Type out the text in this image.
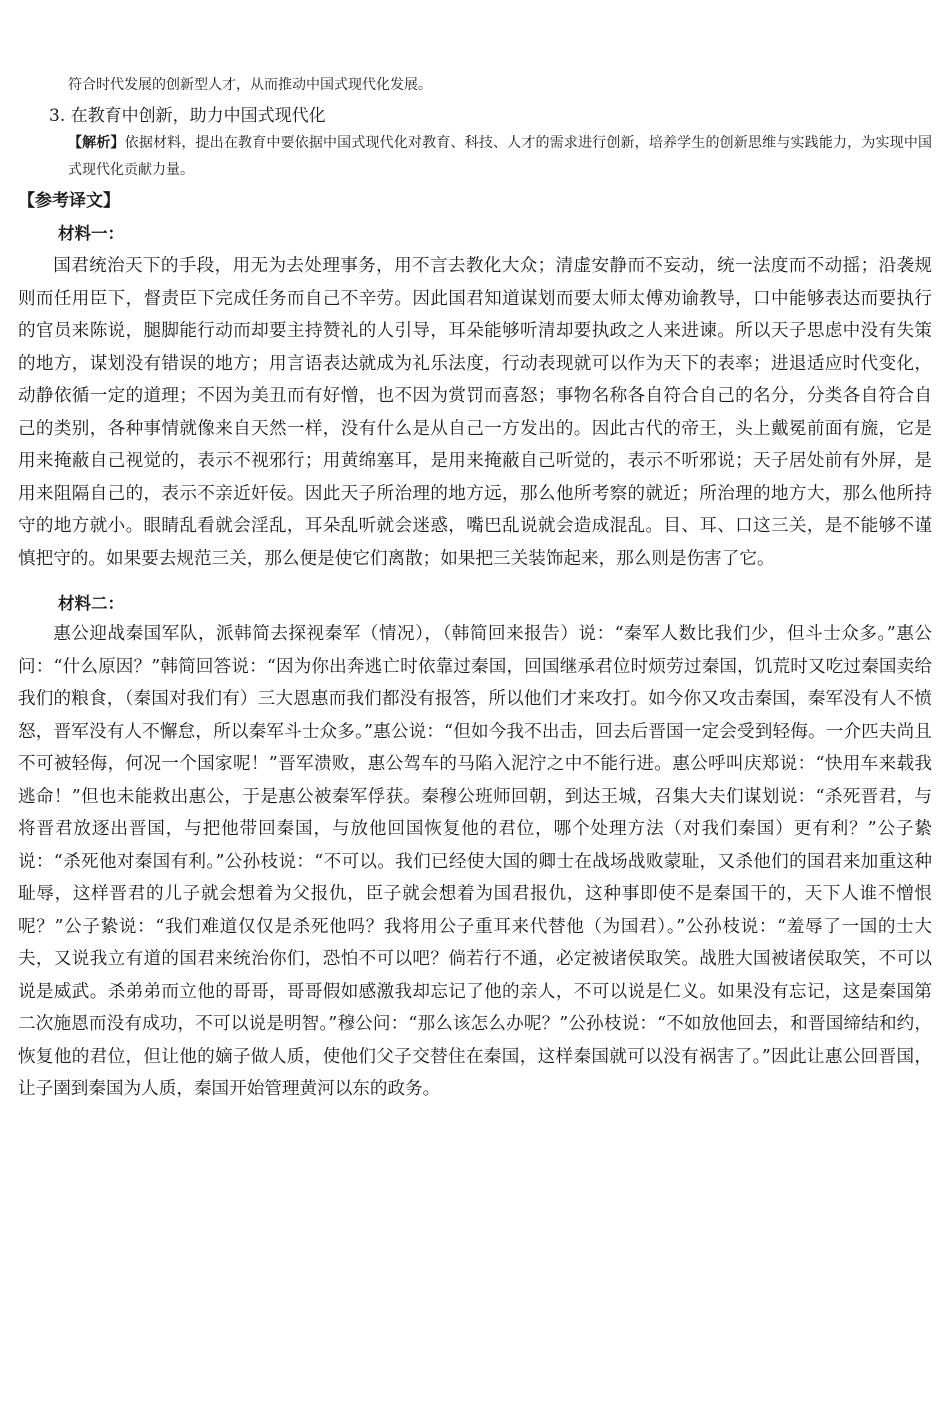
符合时代发展的创新型人才，从而推动中国式现代化发展。
3. 在教育中创新，助力中国式现代化
【解析】依据材料，提出在教育中要依据中国式现代化对教育、科技、人才的需求进行创新，培养学生的创新思维与实践能力，为实现中国式现代化贡献力量。
【参考译文】
材料一：
国君统治天下的手段，用无为去处理事务，用不言去教化大众；清虚安静而不妄动，统一法度而不动摇；沿袭规则而任用臣下，督责臣下完成任务而自己不辛劳。因此国君知道谋划而要太师太傅劝谕教导，口中能够表达而要执行的官员来陈说，腿脚能行动而却要主持赞礼的人引导，耳朵能够听清却要执政之人来进谏。所以天子思虑中没有失策的地方，谋划没有错误的地方；用言语表达就成为礼乐法度，行动表现就可以作为天下的表率；进退适应时代变化，动静依循一定的道理；不因为美丑而有好憎，也不因为赏罚而喜怒；事物名称各自符合自己的名分，分类各自符合自己的类别，各种事情就像来自天然一样，没有什么是从自己一方发出的。因此古代的帝王，头上戴冕前面有旒，它是用来掩蔽自己视觉的，表示不视邪行；用黄绵塞耳，是用来掩蔽自己听觉的，表示不听邪说；天子居处前有外屏，是用来阻隔自己的，表示不亲近奸佞。因此天子所治理的地方远，那么他所考察的就近；所治理的地方大，那么他所持守的地方就小。眼睛乱看就会淫乱，耳朵乱听就会迷惑，嘴巴乱说就会造成混乱。目、耳、口这三关，是不能够不谨慎把守的。如果要去规范三关，那么便是使它们离散；如果把三关装饰起来，那么则是伤害了它。
材料二：
惠公迎战秦国军队，派韩简去探视秦军（情况），（韩简回来报告）说：“秦军人数比我们少，但斗士众多。”惠公问：“什么原因？”韩简回答说：“因为你出奔逃亡时依靠过秦国，回国继承君位时烦劳过秦国，饥荒时又吃过秦国卖给我们的粮食，（秦国对我们有）三大恩惠而我们都没有报答，所以他们才来攻打。如今你又攻击秦国，秦军没有人不愤怒，晋军没有人不懈怠，所以秦军斗士众多。”惠公说：“但如今我不出击，回去后晋国一定会受到轻侮。一介匹夫尚且不可被轻侮，何况一个国家呢！”晋军溃败，惠公驾车的马陷入泥泞之中不能行进。惠公呼叫庆郑说：“快用车来载我逃命！”但也未能救出惠公，于是惠公被秦军俘获。秦穆公班师回朝，到达王城，召集大夫们谋划说：“杀死晋君，与将晋君放逐出晋国，与把他带回秦国，与放他回国恢复他的君位，哪个处理方法（对我们秦国）更有利？”公子絷说：“杀死他对秦国有利。”公孙枝说：“不可以。我们已经使大国的卿士在战场战败蒙耻，又杀他们的国君来加重这种耻辱，这样晋君的儿子就会想着为父报仇，臣子就会想着为国君报仇，这种事即使不是秦国干的，天下人谁不憎恨呢？”公子絷说：“我们难道仅仅是杀死他吗？我将用公子重耳来代替他（为国君）。”公孙枝说：“羞辱了一国的士大夫，又说我立有道的国君来统治你们，恐怕不可以吧？倘若行不通，必定被诸侯取笑。战胜大国被诸侯取笑，不可以说是威武。杀弟弟而立他的哥哥，哥哥假如感激我却忘记了他的亲人，不可以说是仁义。如果没有忘记，这是秦国第二次施恩而没有成功，不可以说是明智。”穆公问：“那么该怎么办呢？”公孙枝说：“不如放他回去，和晋国缔结和约，恢复他的君位，但让他的嫡子做人质，使他们父子交替住在秦国，这样秦国就可以没有祸害了。”因此让惠公回晋国，让子圉到秦国为人质，秦国开始管理黄河以东的政务。
